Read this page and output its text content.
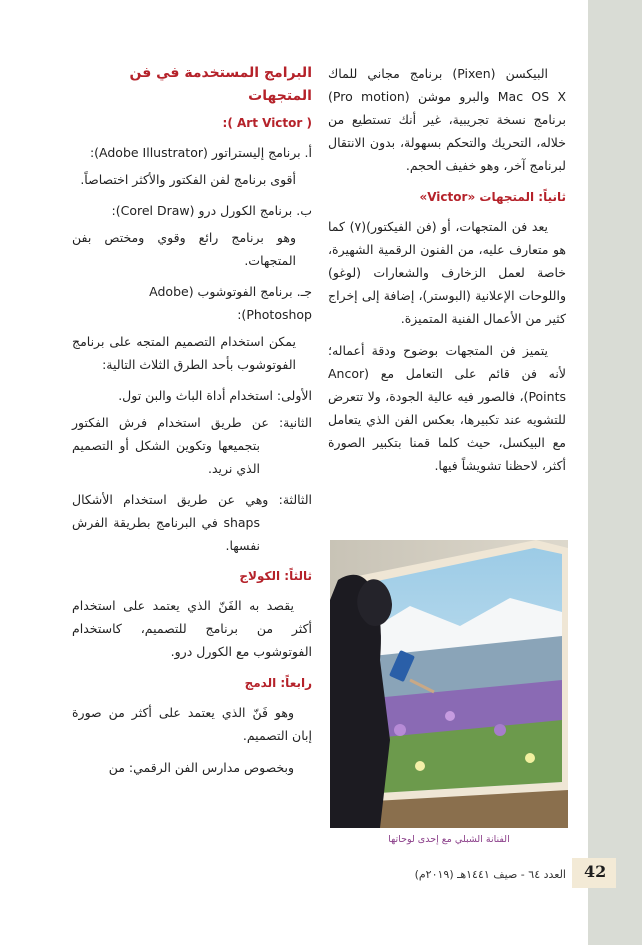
البيكسن (Pixen) برنامج مجاني للماك Mac OS X والبرو موشن (Pro motion) برنامج نسخة تجريبية، غير أنك تستطيع من خلاله، التحريك والتحكم بسهولة، بدون الانتقال لبرنامج آخر، وهو خفيف الحجم.

ثانياً: المتجهات «Victor»

يعد فن المتجهات، أو (فن الفيكتور)(٧) كما هو متعارف عليه، من الفنون الرقمية الشهيرة، خاصة لعمل الزخارف والشعارات (لوغو) واللوحات الإعلانية (البوستر)، إضافة إلى إخراج كثير من الأعمال الفنية المتميزة.

يتميز فن المتجهات بوضوح ودقة أعماله؛ لأنه فن قائم على التعامل مع (Ancor Points)، فالصور فيه عالية الجودة، ولا تتعرض للتشويه عند تكبيرها، بعكس الفن الذي يتعامل مع البيكسل، حيث كلما قمنا بتكبير الصورة أكثر، لاحظنا تشويشاً فيها.

الفنانة الشبلي مع إحدى لوحاتها
البرامج المستخدمة في فن المتجهات
( Art Victor ):

أ. برنامج إليستراتور (Adobe Illustrator):

أقوى برنامج لفن الفكتور والأكثر اختصاصاً.

ب. برنامج الكورل درو (Corel Draw):

وهو برنامج رائع وقوي ومختص بفن المتجهات.

جـ. برنامج الفوتوشوب (Adobe Photoshop):

يمكن استخدام التصميم المتجه على برنامج الفوتوشوب بأحد الطرق الثلاث التالية:

الأولى: استخدام أداة الباث والبن تول.

الثانية: عن طريق استخدام فرش الفكتور بتجميعها وتكوين الشكل أو التصميم الذي نريد.

الثالثة: وهي عن طريق استخدام الأشكال shaps في البرنامج بطريقة الفرش نفسها.

ثالثاً: الكولاج

يقصد به الفَنّ الذي يعتمد على استخدام أكثر من برنامج للتصميم، كاستخدام الفوتوشوب مع الكورل درو.

رابعاً: الدمج

وهو فَنّ الذي يعتمد على أكثر من صورة إبان التصميم.

وبخصوص مدارس الفن الرقمي: من

42
العدد ٦٤ - صيف ١٤٤١هـ (٢٠١٩م)
